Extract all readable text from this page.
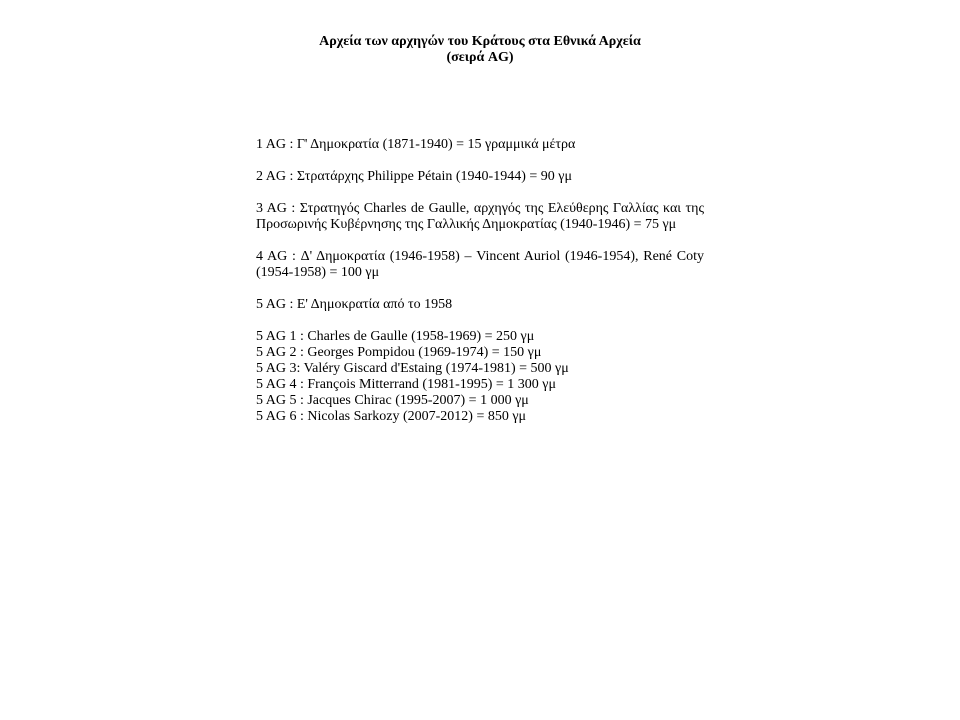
Αρχεία των αρχηγών του Κράτους στα Εθνικά Αρχεία
(σειρά AG)

1 AG : Γ' Δημοκρατία (1871-1940) = 15 γραμμικά μέτρα

2 AG : Στρατάρχης Philippe Pétain (1940-1944) = 90 γμ

3 AG : Στρατηγός Charles de Gaulle, αρχηγός της Ελεύθερης Γαλλίας και της Προσωρινής Κυβέρνησης της Γαλλικής Δημοκρατίας (1940-1946) = 75 γμ

4 AG : Δ' Δημοκρατία (1946-1958) – Vincent Auriol (1946-1954), René Coty (1954-1958) = 100 γμ

5 AG : Ε' Δημοκρατία από το 1958

5 AG 1 : Charles de Gaulle (1958-1969) = 250 γμ
5 AG 2 : Georges Pompidou (1969-1974) = 150 γμ
5 AG 3: Valéry Giscard d'Estaing (1974-1981) = 500 γμ
5 AG 4 : François Mitterrand (1981-1995) = 1 300 γμ
5 AG 5 : Jacques Chirac (1995-2007) = 1 000 γμ
5 AG 6 : Nicolas Sarkozy (2007-2012) = 850 γμ
